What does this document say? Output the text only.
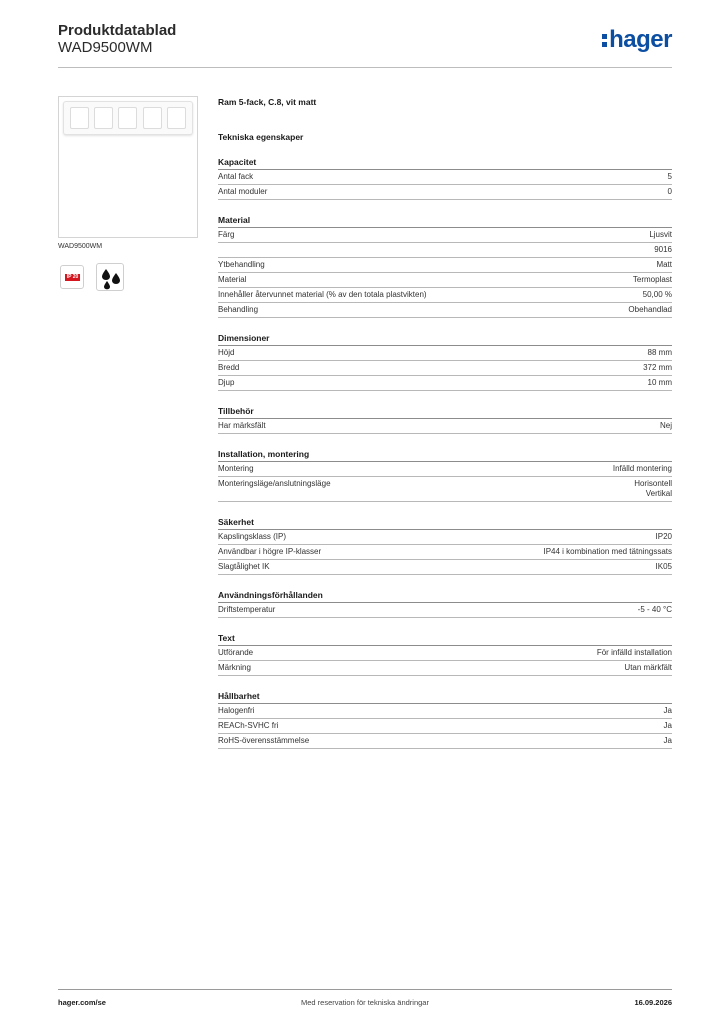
Produktdatablad
WAD9500WM	hager
WAD9500WM
IP 20
Ram 5-fack, C.8, vit matt
Tekniska egenskaper
Kapacitet
Antal fack	5
Antal moduler	0
Material
Färg	Ljusvit
9016
Ytbehandling	Matt
Material	Termoplast
Innehåller återvunnet material (% av den totala plastvikten)	50,00 %
Behandling	Obehandlad
Dimensioner
Höjd	88 mm
Bredd	372 mm
Djup	10 mm
Tillbehör
Har märksfält	Nej
Installation, montering
Montering	Infälld montering
Monteringsläge/anslutningsläge	Horisontell
Vertikal
Säkerhet
Kapslingsklass (IP)	IP20
Användbar i högre IP-klasser	IP44 i kombination med tätningssats
Slagtålighet IK	IK05
Användningsförhållanden
Driftstemperatur	-5 - 40 °C
Text
Utförande	För infälld installation
Märkning	Utan märkfält
Hållbarhet
Halogenfri	Ja
REACh-SVHC fri	Ja
RoHS-överensstämmelse	Ja
hager.com/se	Med reservation för tekniska ändringar	16.09.2026
